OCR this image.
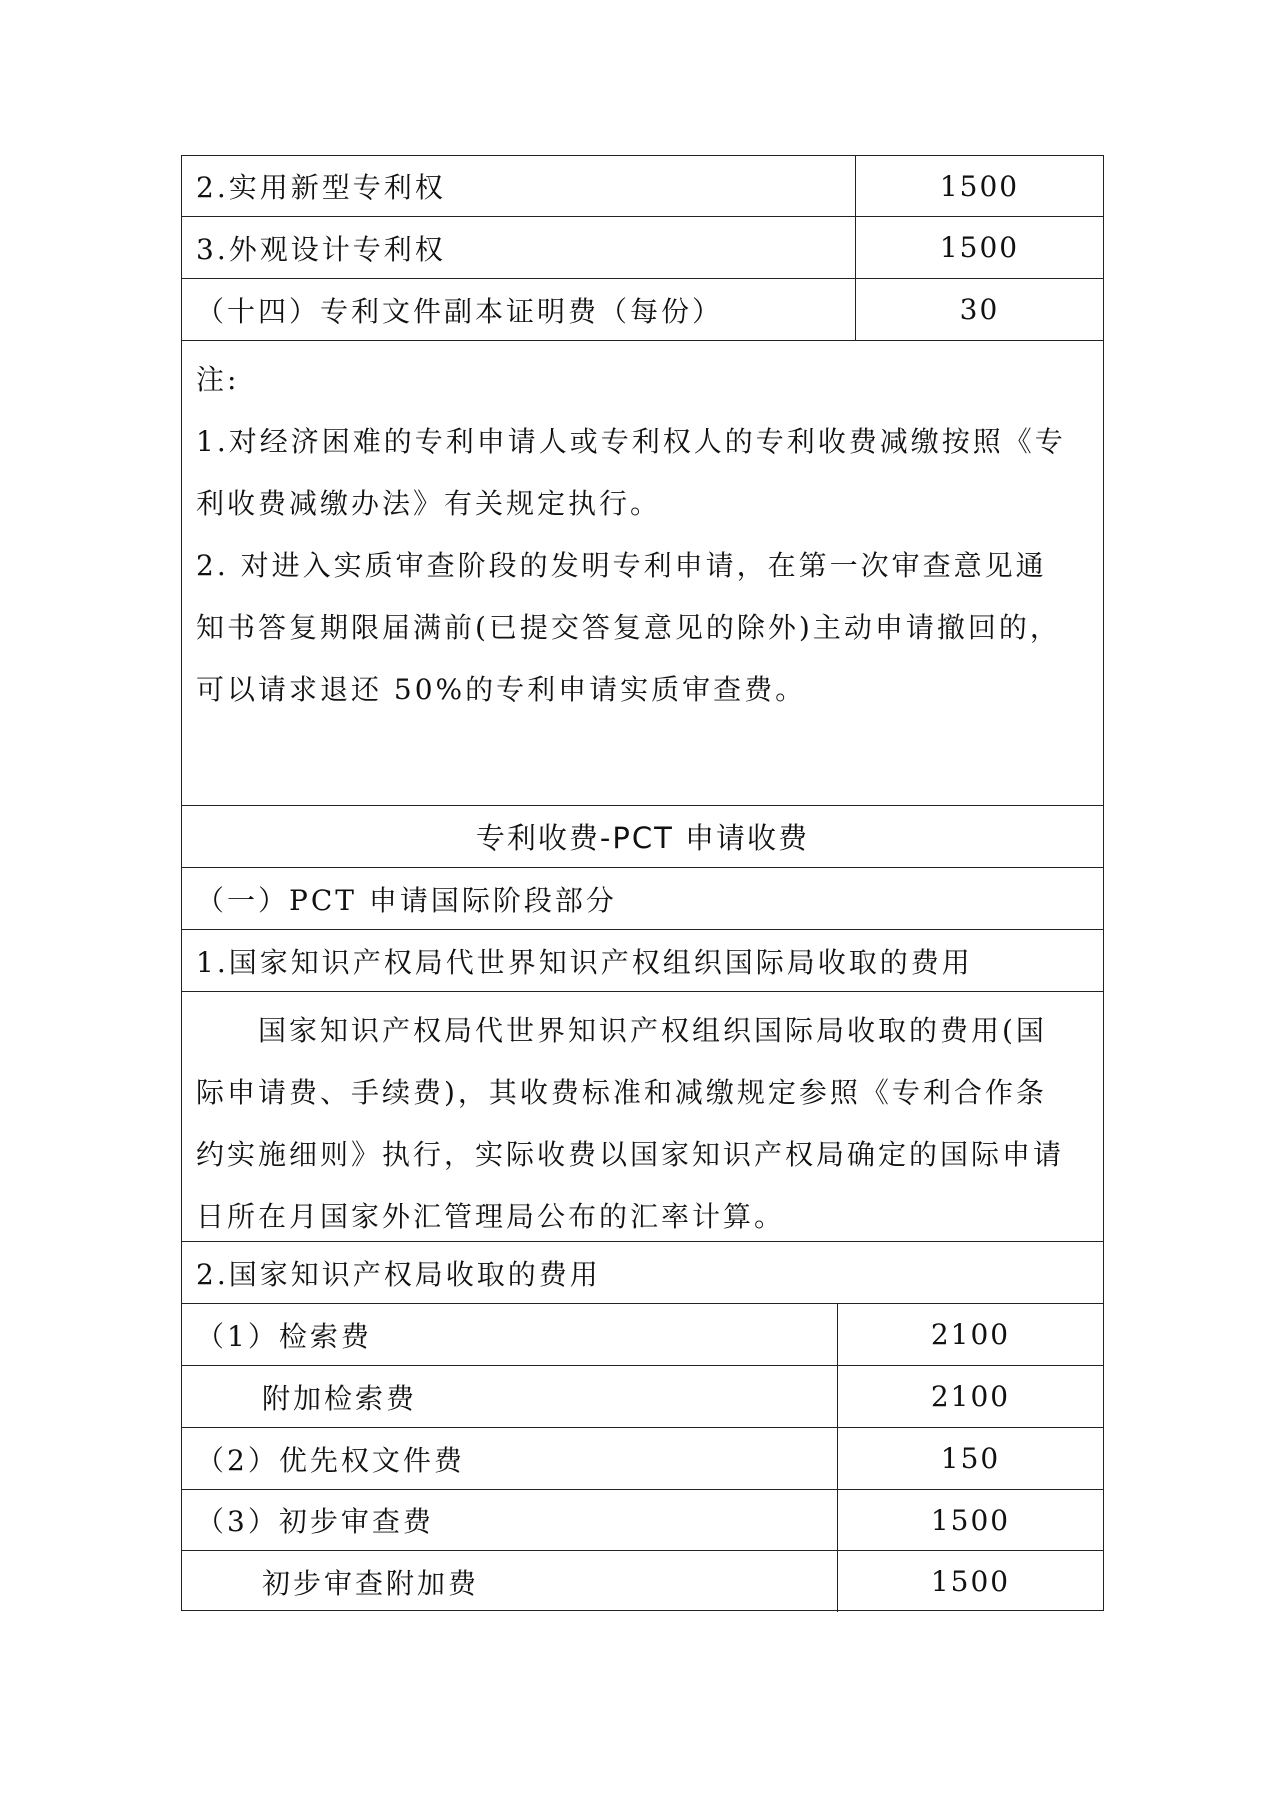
2.实用新型专利权	1500
3.外观设计专利权	1500
（十四）专利文件副本证明费（每份）	30
注:
1.对经济困难的专利申请人或专利权人的专利收费减缴按照《专
利收费减缴办法》有关规定执行。
2. 对进入实质审查阶段的发明专利申请，在第一次审查意见通
知书答复期限届满前(已提交答复意见的除外)主动申请撤回的，
可以请求退还 50%的专利申请实质审查费。
专利收费-PCT 申请收费
（一）PCT 申请国际阶段部分
1.国家知识产权局代世界知识产权组织国际局收取的费用
　　国家知识产权局代世界知识产权组织国际局收取的费用(国
际申请费、手续费)，其收费标准和减缴规定参照《专利合作条
约实施细则》执行，实际收费以国家知识产权局确定的国际申请
日所在月国家外汇管理局公布的汇率计算。
2.国家知识产权局收取的费用
（1）检索费	2100
附加检索费	2100
（2）优先权文件费	150
（3）初步审查费	1500
初步审查附加费	1500
